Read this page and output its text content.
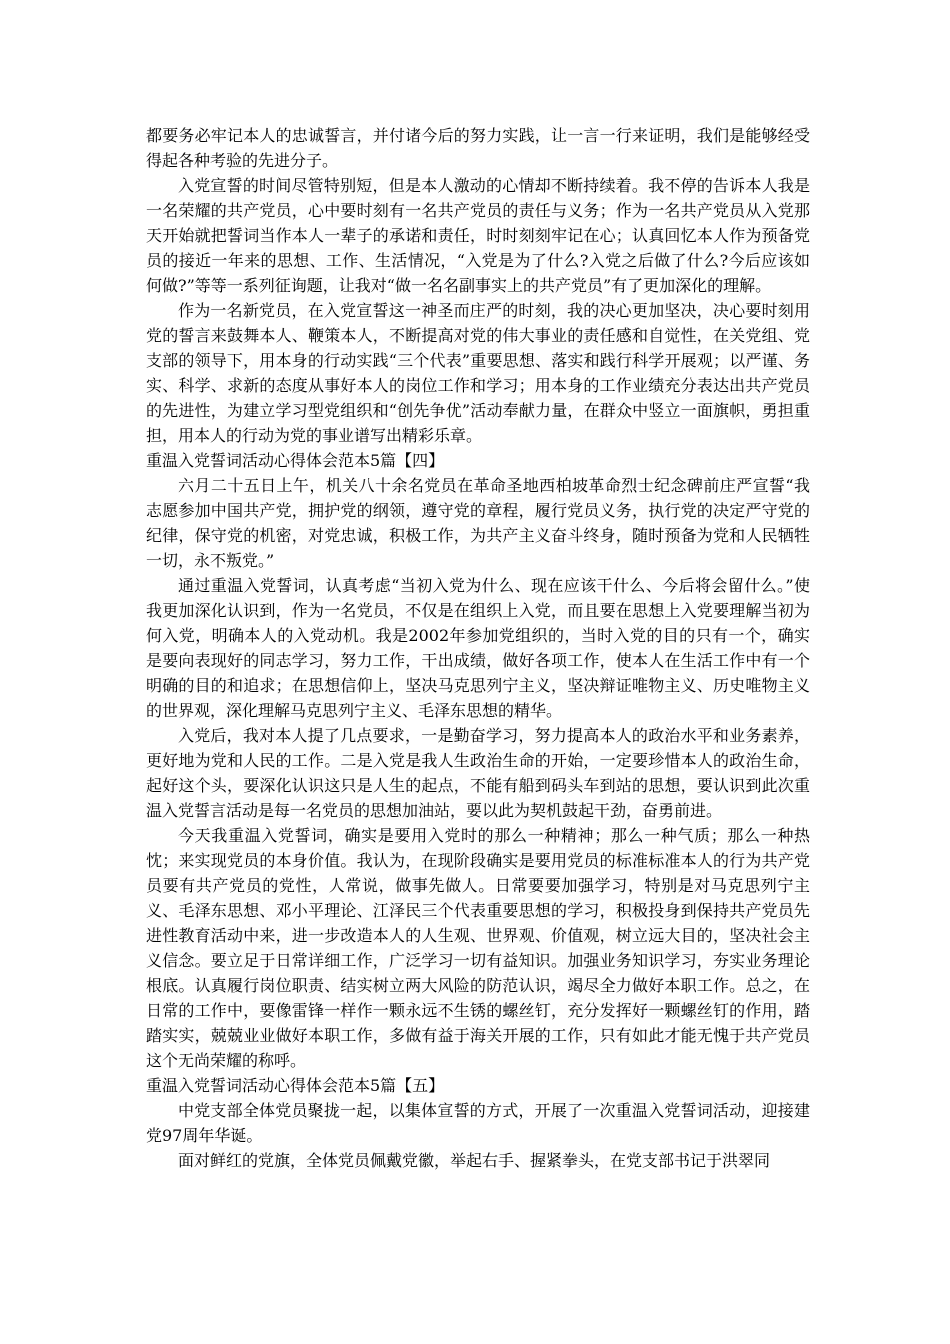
都要务必牢记本人的忠诚誓言，并付诸今后的努力实践，让一言一行来证明，我们是能够经受得起各种考验的先进分子。

入党宣誓的时间尽管特别短，但是本人激动的心情却不断持续着。我不停的告诉本人我是一名荣耀的共产党员，心中要时刻有一名共产党员的责任与义务；作为一名共产党员从入党那天开始就把誓词当作本人一辈子的承诺和责任，时时刻刻牢记在心；认真回忆本人作为预备党员的接近一年来的思想、工作、生活情况，“入党是为了什么?入党之后做了什么?今后应该如何做?”等等一系列征询题，让我对“做一名名副事实上的共产党员”有了更加深化的理解。

作为一名新党员，在入党宣誓这一神圣而庄严的时刻，我的决心更加坚决，决心要时刻用党的誓言来鼓舞本人、鞭策本人，不断提高对党的伟大事业的责任感和自觉性，在关党组、党支部的领导下，用本身的行动实践“三个代表”重要思想、落实和践行科学开展观；以严谨、务实、科学、求新的态度从事好本人的岗位工作和学习；用本身的工作业绩充分表达出共产党员的先进性，为建立学习型党组织和“创先争优”活动奉献力量，在群众中竖立一面旗帜，勇担重担，用本人的行动为党的事业谱写出精彩乐章。

重温入党誓词活动心得体会范本5篇【四】

六月二十五日上午，机关八十余名党员在革命圣地西柏坡革命烈士纪念碑前庄严宣誓“我志愿参加中国共产党，拥护党的纲领，遵守党的章程，履行党员义务，执行党的决定严守党的纪律，保守党的机密，对党忠诚，积极工作，为共产主义奋斗终身，随时预备为党和人民牺牲一切，永不叛党。”

通过重温入党誓词，认真考虑“当初入党为什么、现在应该干什么、今后将会留什么。”使我更加深化认识到，作为一名党员，不仅是在组织上入党，而且要在思想上入党要理解当初为何入党，明确本人的入党动机。我是2002年参加党组织的，当时入党的目的只有一个，确实是要向表现好的同志学习，努力工作，干出成绩，做好各项工作，使本人在生活工作中有一个明确的目的和追求；在思想信仰上，坚决马克思列宁主义，坚决辩证唯物主义、历史唯物主义的世界观，深化理解马克思列宁主义、毛泽东思想的精华。

入党后，我对本人提了几点要求，一是勤奋学习，努力提高本人的政治水平和业务素养，更好地为党和人民的工作。二是入党是我人生政治生命的开始，一定要珍惜本人的政治生命，起好这个头，要深化认识这只是人生的起点，不能有船到码头车到站的思想，要认识到此次重温入党誓言活动是每一名党员的思想加油站，要以此为契机鼓起干劲，奋勇前进。

今天我重温入党誓词，确实是要用入党时的那么一种精神；那么一种气质；那么一种热忱；来实现党员的本身价值。我认为，在现阶段确实是要用党员的标准标准本人的行为共产党员要有共产党员的党性，人常说，做事先做人。日常要要加强学习，特别是对马克思列宁主义、毛泽东思想、邓小平理论、江泽民三个代表重要思想的学习，积极投身到保持共产党员先进性教育活动中来，进一步改造本人的人生观、世界观、价值观，树立远大目的，坚决社会主义信念。要立足于日常详细工作，广泛学习一切有益知识。加强业务知识学习，夯实业务理论根底。认真履行岗位职责、结实树立两大风险的防范认识，竭尽全力做好本职工作。总之，在日常的工作中，要像雷锋一样作一颗永远不生锈的螺丝钉，充分发挥好一颗螺丝钉的作用，踏踏实实，兢兢业业做好本职工作，多做有益于海关开展的工作，只有如此才能无愧于共产党员这个无尚荣耀的称呼。

重温入党誓词活动心得体会范本5篇【五】

中党支部全体党员聚拢一起，以集体宣誓的方式，开展了一次重温入党誓词活动，迎接建党97周年华诞。

面对鲜红的党旗，全体党员佩戴党徽，举起右手、握紧拳头，在党支部书记于洪翠同
